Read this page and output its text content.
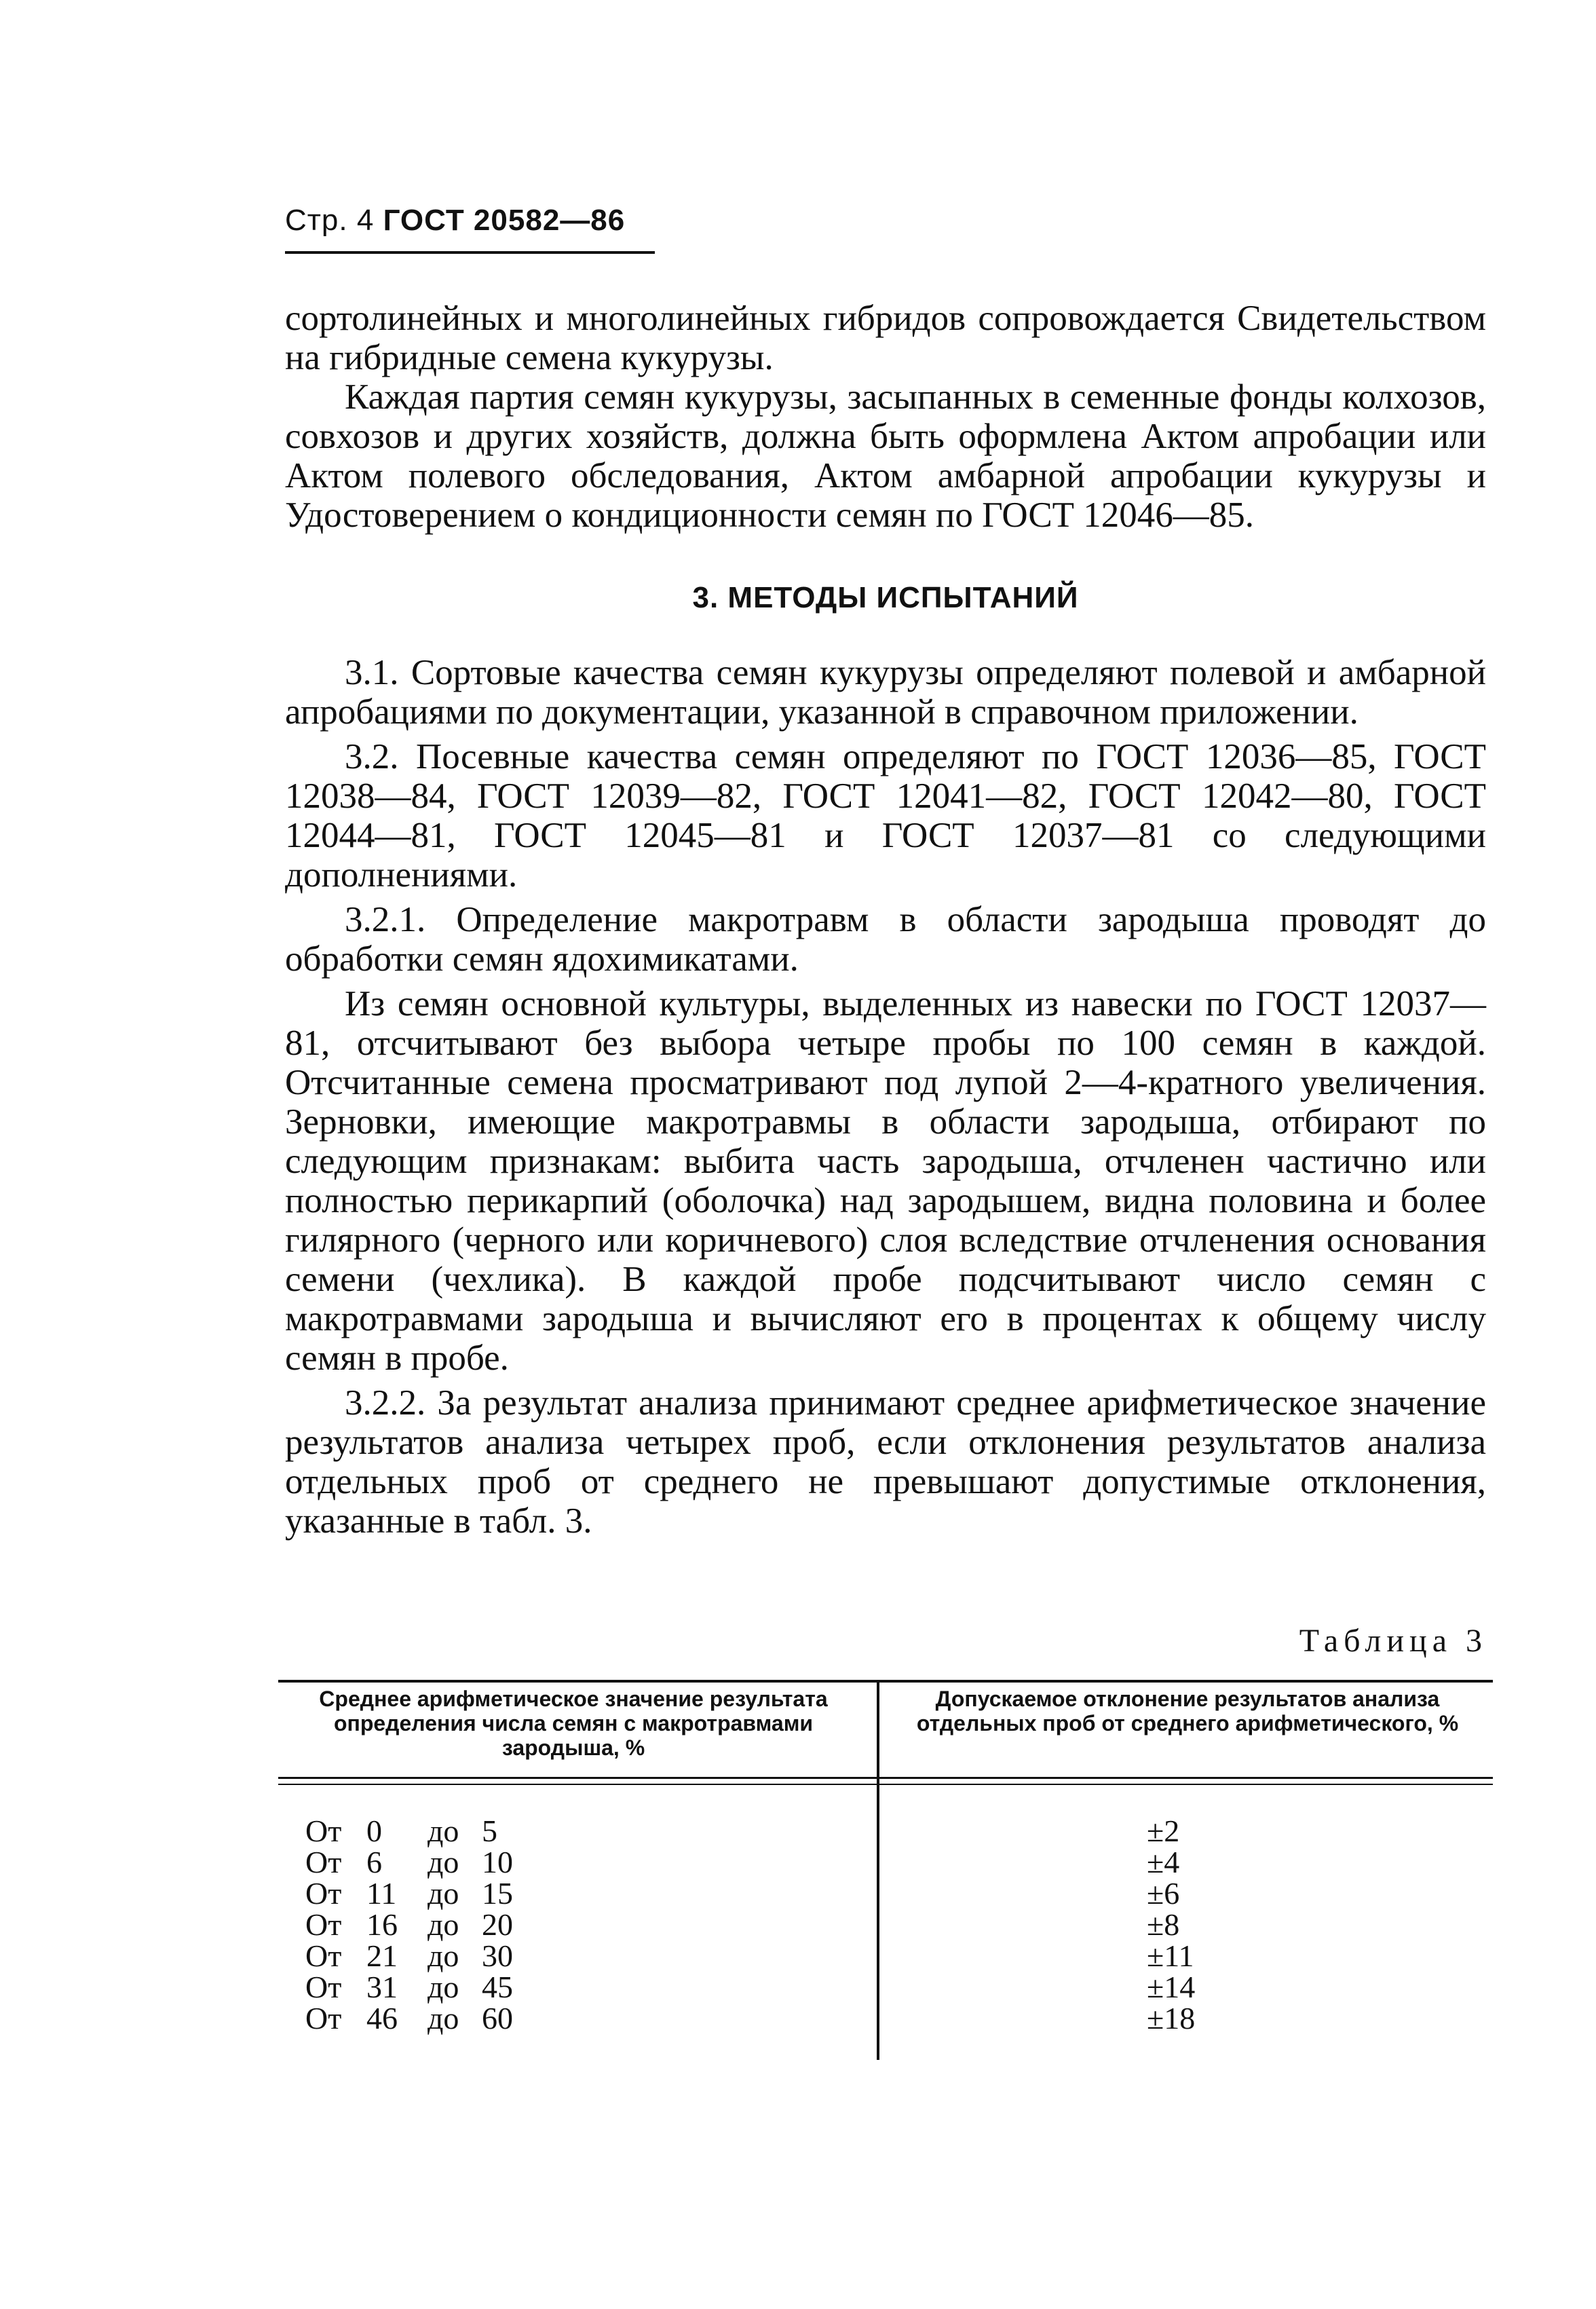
Стр. 4 ГОСТ 20582—86

сортолинейных и многолинейных гибридов сопровождается Свидетельством на гибридные семена кукурузы.

Каждая партия семян кукурузы, засыпанных в семенные фонды колхозов, совхозов и других хозяйств, должна быть оформлена Актом апробации или Актом полевого обследования, Актом амбарной апробации кукурузы и Удостоверением о кондиционности семян по ГОСТ 12046—85.

3. МЕТОДЫ ИСПЫТАНИЙ

3.1. Сортовые качества семян кукурузы определяют полевой и амбарной апробациями по документации, указанной в справочном приложении.

3.2. Посевные качества семян определяют по ГОСТ 12036—85, ГОСТ 12038—84, ГОСТ 12039—82, ГОСТ 12041—82, ГОСТ 12042—80, ГОСТ 12044—81, ГОСТ 12045—81 и ГОСТ 12037—81 со следующими дополнениями.

3.2.1. Определение макротравм в области зародыша проводят до обработки семян ядохимикатами.

Из семян основной культуры, выделенных из навески по ГОСТ 12037—81, отсчитывают без выбора четыре пробы по 100 семян в каждой. Отсчитанные семена просматривают под лупой 2—4-кратного увеличения. Зерновки, имеющие макротравмы в области зародыша, отбирают по следующим признакам: выбита часть зародыша, отчленен частично или полностью перикарпий (оболочка) над зародышем, видна половина и более гилярного (черного или коричневого) слоя вследствие отчленения основания семени (чехлика). В каждой пробе подсчитывают число семян с макротравмами зародыша и вычисляют его в процентах к общему числу семян в пробе.

3.2.2. За результат анализа принимают среднее арифметическое значение результатов анализа четырех проб, если отклонения результатов анализа отдельных проб от среднего не превышают допустимые отклонения, указанные в табл. 3.

Таблица 3
Среднее арифметическое значение результата определения числа семян с макротравмами зародыша, %
Допускаемое отклонение результатов анализа отдельных проб от среднего арифметического, %
От 0 до 5
От 6 до 10
От 11 до 15
От 16 до 20
От 21 до 30
От 31 до 45
От 46 до 60
±2
±4
±6
±8
±11
±14
±18
